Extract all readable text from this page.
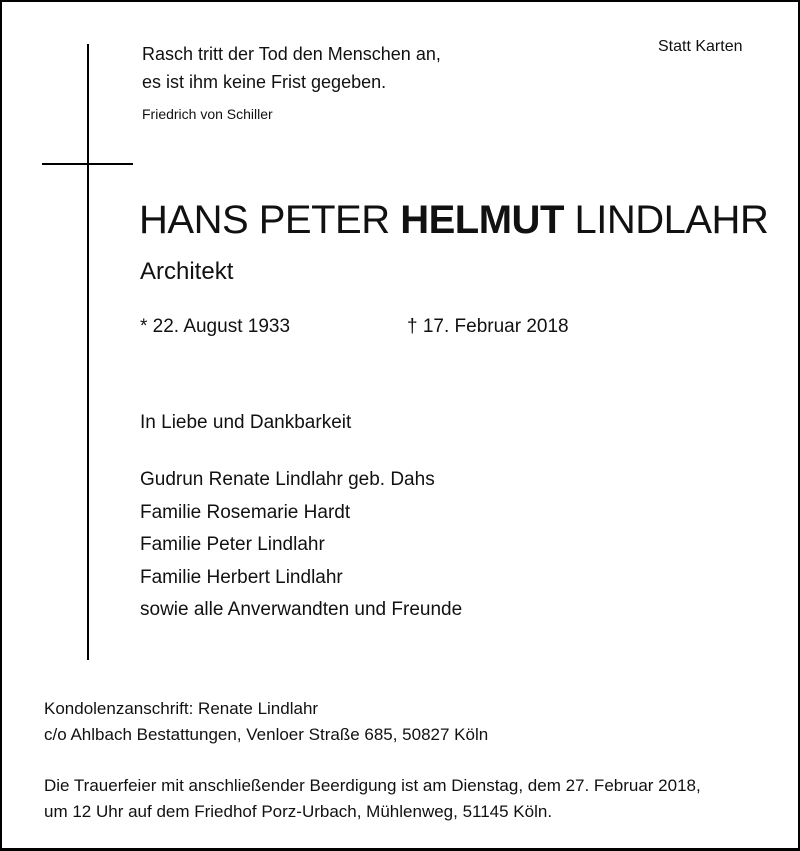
Rasch tritt der Tod den Menschen an,
es ist ihm keine Frist gegeben.
Friedrich von Schiller
Statt Karten
HANS PETER HELMUT LINDLAHR
Architekt
* 22. August 1933	† 17. Februar 2018
In Liebe und Dankbarkeit
Gudrun Renate Lindlahr geb. Dahs
Familie Rosemarie Hardt
Familie Peter Lindlahr
Familie Herbert Lindlahr
sowie alle Anverwandten und Freunde
Kondolenzanschrift: Renate Lindlahr
c/o Ahlbach Bestattungen, Venloer Straße 685, 50827 Köln
Die Trauerfeier mit anschließender Beerdigung ist am Dienstag, dem 27. Februar 2018,
um 12 Uhr auf dem Friedhof Porz-Urbach, Mühlenweg, 51145 Köln.
